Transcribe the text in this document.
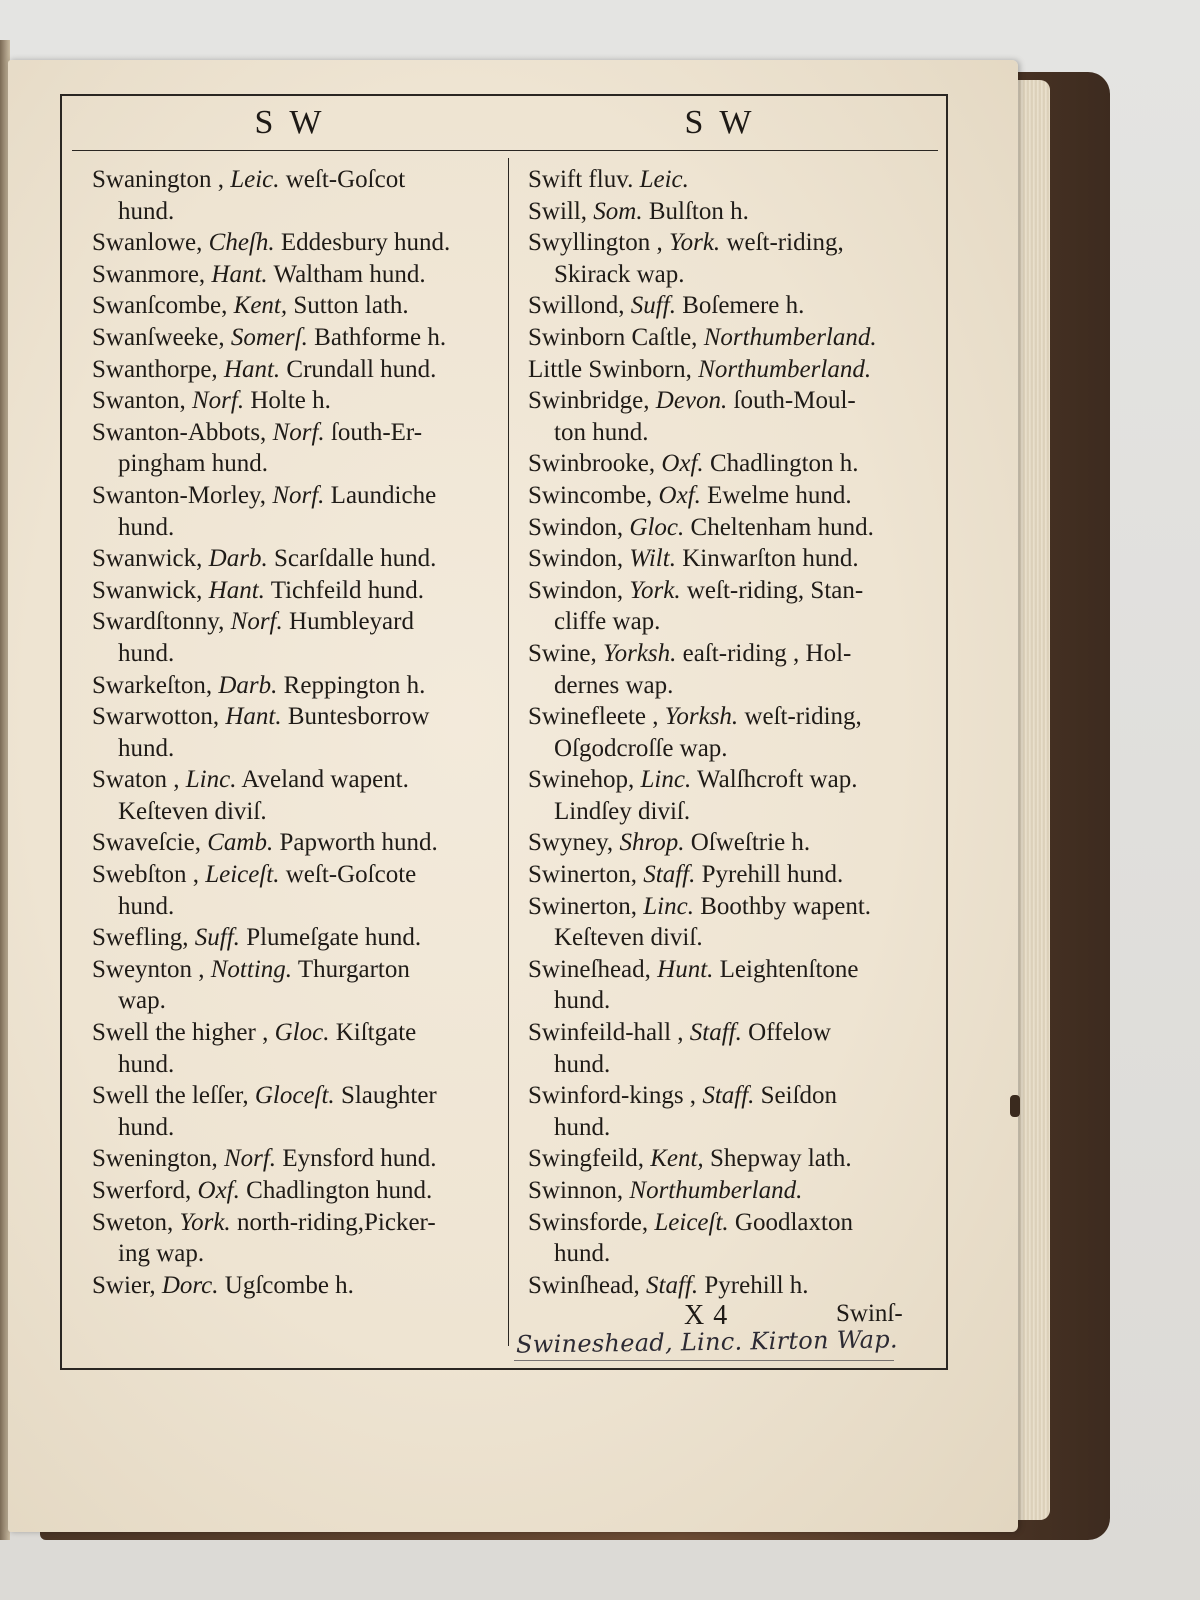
S W	S W
Swanington , Leic. weſt-Goſcot
hund.
Swanlowe, Cheſh. Eddesbury hund.
Swanmore, Hant. Waltham hund.
Swanſcombe, Kent, Sutton lath.
Swanſweeke, Somerſ. Bathforme h.
Swanthorpe, Hant. Crundall hund.
Swanton, Norf. Holte h.
Swanton-Abbots, Norf. ſouth-Er-
pingham hund.
Swanton-Morley, Norf. Laundiche
hund.
Swanwick, Darb. Scarſdalle hund.
Swanwick, Hant. Tichfeild hund.
Swardſtonny, Norf. Humbleyard
hund.
Swarkeſton, Darb. Reppington h.
Swarwotton, Hant. Buntesborrow
hund.
Swaton , Linc. Aveland wapent.
Keſteven diviſ.
Swaveſcie, Camb. Papworth hund.
Swebſton , Leiceſt. weſt-Goſcote
hund.
Swefling, Suff. Plumeſgate hund.
Sweynton , Notting. Thurgarton
wap.
Swell the higher , Gloc. Kiſtgate
hund.
Swell the leſſer, Gloceſt. Slaughter
hund.
Swenington, Norf. Eynsford hund.
Swerford, Oxf. Chadlington hund.
Sweton, York. north-riding,Picker-
ing wap.
Swier, Dorc. Ugſcombe h.
Swift fluv. Leic.
Swill, Som. Bulſton h.
Swyllington , York. weſt-riding,
Skirack wap.
Swillond, Suff. Boſemere h.
Swinborn Caſtle, Northumberland.
Little Swinborn, Northumberland.
Swinbridge, Devon. ſouth-Moul-
ton hund.
Swinbrooke, Oxf. Chadlington h.
Swincombe, Oxf. Ewelme hund.
Swindon, Gloc. Cheltenham hund.
Swindon, Wilt. Kinwarſton hund.
Swindon, York. weſt-riding, Stan-
cliffe wap.
Swine, Yorksh. eaſt-riding , Hol-
dernes wap.
Swinefleete , Yorksh. weſt-riding,
Oſgodcroſſe wap.
Swinehop, Linc. Walſhcroft wap.
Lindſey diviſ.
Swyney, Shrop. Oſweſtrie h.
Swinerton, Staff. Pyrehill hund.
Swinerton, Linc. Boothby wapent.
Keſteven diviſ.
Swineſhead, Hunt. Leightenſtone
hund.
Swinfeild-hall , Staff. Offelow
hund.
Swinford-kings , Staff. Seiſdon
hund.
Swingfeild, Kent, Shepway lath.
Swinnon, Northumberland.
Swinsforde, Leiceſt. Goodlaxton
hund.
Swinſhead, Staff. Pyrehill h.
X 4	Swinſ-
Swineshead, Linc. Kirton Wap.
